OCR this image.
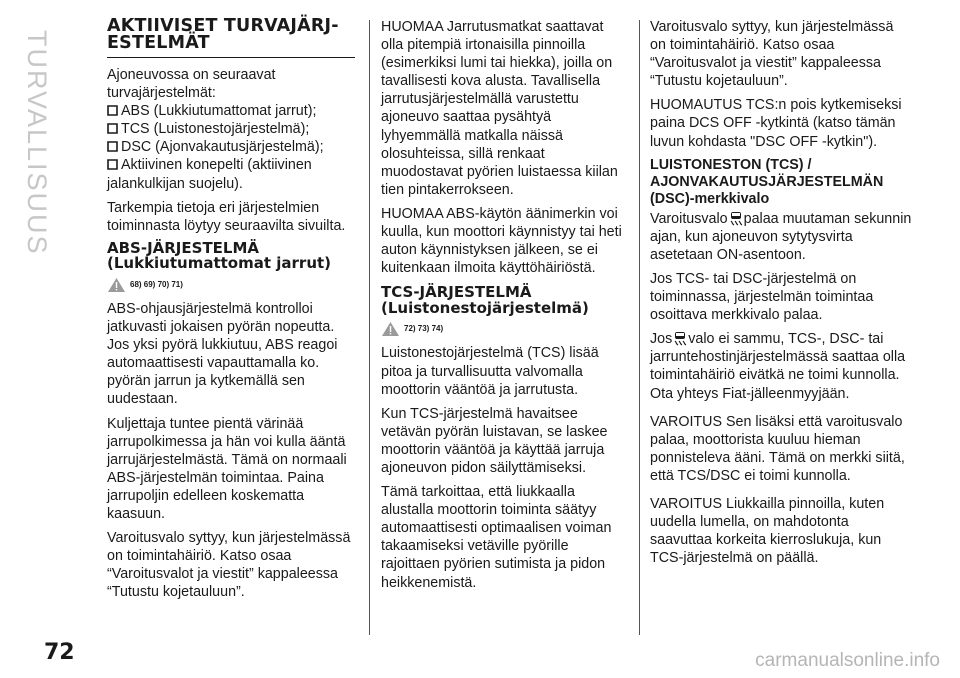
TURVALLISUUS
AKTIIVISET TURVAJÄRJ- ESTELMÄT

Ajoneuvossa on seuraavat turvajärjestelmät:

ABS (Lukkiutumattomat jarrut);
TCS (Luistonestojärjestelmä);
DSC (Ajonvakautusjärjestelmä);
Aktiivinen konepelti (aktiivinen jalankulkijan suojelu).

Tarkempia tietoja eri järjestelmien toiminnasta löytyy seuraavilta sivuilta.

ABS-JÄRJESTELMÄ (Lukkiutumattomat jarrut)
68) 69) 70) 71)

ABS-ohjausjärjestelmä kontrolloi jatkuvasti jokaisen pyörän nopeutta. Jos yksi pyörä lukkiutuu, ABS reagoi automaattisesti vapauttamalla ko. pyörän jarrun ja kytkemällä sen uudestaan.

Kuljettaja tuntee pientä värinää jarrupolkimessa ja hän voi kulla ääntä jarrujärjestelmästä. Tämä on normaali ABS-järjestelmän toimintaa. Paina jarrupoljin edelleen koskematta kaasuun.

Varoitusvalo syttyy, kun järjestelmässä on toimintahäiriö. Katso osaa “Varoitusvalot ja viestit” kappaleessa “Tutustu kojetauluun”.

HUOMAA Jarrutusmatkat saattavat olla pitempiä irtonaisilla pinnoilla (esimerkiksi lumi tai hiekka), joilla on tavallisesti kova alusta. Tavallisella jarrutusjärjestelmällä varustettu ajoneuvo saattaa pysähtyä lyhyemmällä matkalla näissä olosuhteissa, sillä renkaat muodostavat pyörien luistaessa kiilan tien pintakerrokseen.

HUOMAA ABS-käytön äänimerkin voi kuulla, kun moottori käynnistyy tai heti auton käynnistyksen jälkeen, se ei kuitenkaan ilmoita käyttöhäiriöstä.

TCS-JÄRJESTELMÄ (Luistonestojärjestelmä)
72) 73) 74)

Luistonestojärjestelmä (TCS) lisää pitoa ja turvallisuutta valvomalla moottorin vääntöä ja jarrutusta.

Kun TCS-järjestelmä havaitsee vetävän pyörän luistavan, se laskee moottorin vääntöä ja käyttää jarruja ajoneuvon pidon säilyttämiseksi.

Tämä tarkoittaa, että liukkaalla alustalla moottorin toiminta säätyy automaattisesti optimaalisen voiman takaamiseksi vetäville pyörille rajoittaen pyörien sutimista ja pidon heikkenemistä.

Varoitusvalo syttyy, kun järjestelmässä on toimintahäiriö. Katso osaa “Varoitusvalot ja viestit” kappaleessa “Tutustu kojetauluun”.

HUOMAUTUS TCS:n pois kytkemiseksi paina DCS OFF -kytkintä (katso tämän luvun kohdasta "DSC OFF -kytkin").

LUISTONESTON (TCS) / AJONVAKAUTUSJÄRJESTELMÄN (DSC)-merkkivalo

Varoitusvalo palaa muutaman sekunnin ajan, kun ajoneuvon sytytysvirta asetetaan ON-asentoon.

Jos TCS- tai DSC-järjestelmä on toiminnassa, järjestelmän toimintaa osoittava merkkivalo palaa.

Jos valo ei sammu, TCS-, DSC- tai jarruntehostinjärjestelmässä saattaa olla toimintahäiriö eivätkä ne toimi kunnolla. Ota yhteys Fiat-jälleenmyyjään.

VAROITUS Sen lisäksi että varoitusvalo palaa, moottorista kuuluu hieman ponnisteleva ääni. Tämä on merkki siitä, että TCS/DSC ei toimi kunnolla.

VAROITUS Liukkailla pinnoilla, kuten uudella lumella, on mahdotonta saavuttaa korkeita kierroslukuja, kun TCS-järjestelmä on päällä.

72	carmanualsonline.info
